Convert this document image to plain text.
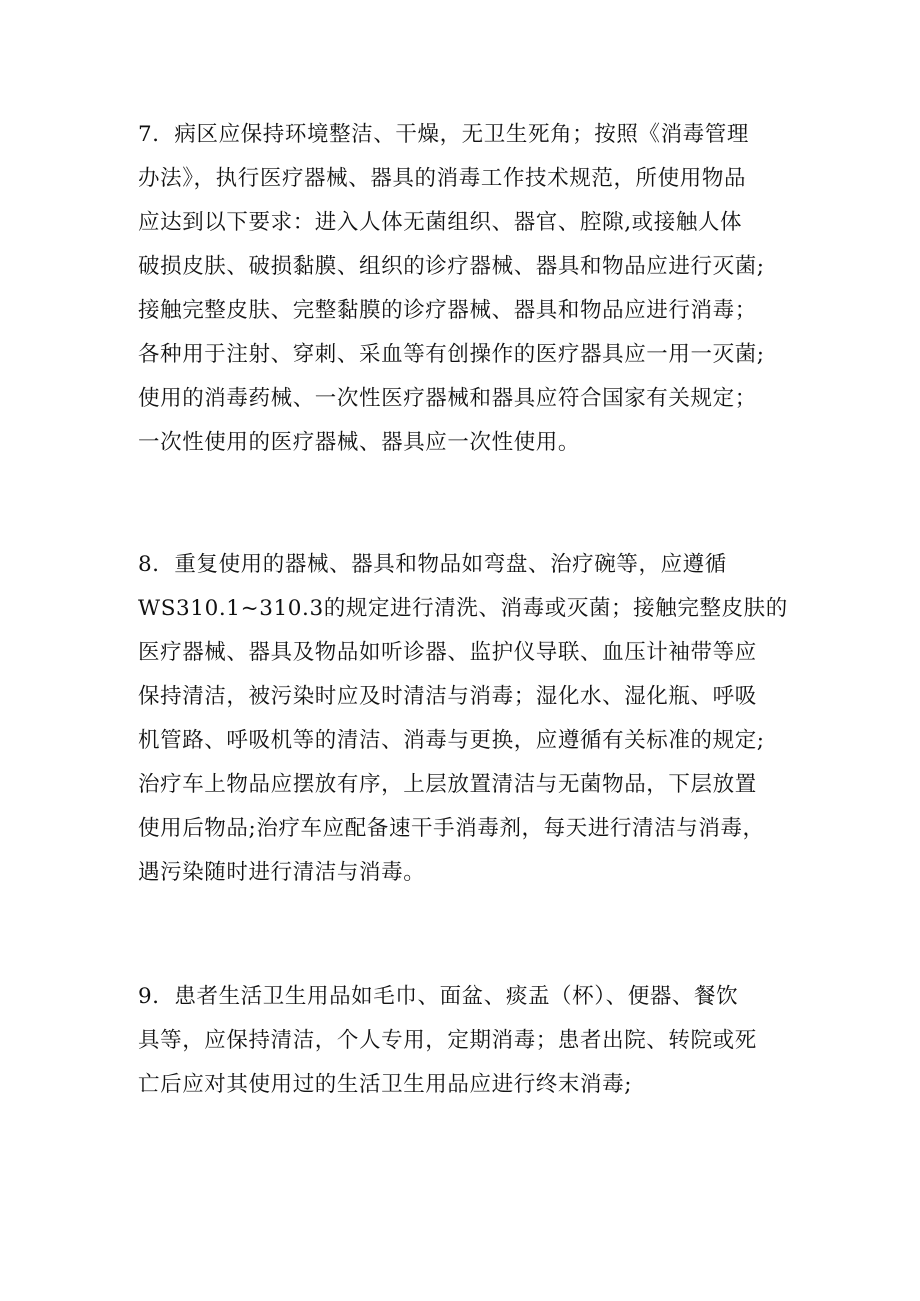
7．病区应保持环境整洁、干燥，无卫生死角；按照《消毒管理
办法》，执行医疗器械、器具的消毒工作技术规范，所使用物品
应达到以下要求：进入人体无菌组织、器官、腔隙,或接触人体
破损皮肤、破损黏膜、组织的诊疗器械、器具和物品应进行灭菌;
接触完整皮肤、完整黏膜的诊疗器械、器具和物品应进行消毒；
各种用于注射、穿刺、采血等有创操作的医疗器具应一用一灭菌;
使用的消毒药械、一次性医疗器械和器具应符合国家有关规定；
一次性使用的医疗器械、器具应一次性使用。
8．重复使用的器械、器具和物品如弯盘、治疗碗等，应遵循
WS310.1~310.3的规定进行清洗、消毒或灭菌；接触完整皮肤的
医疗器械、器具及物品如听诊器、监护仪导联、血压计袖带等应
保持清洁，被污染时应及时清洁与消毒；湿化水、湿化瓶、呼吸
机管路、呼吸机等的清洁、消毒与更换，应遵循有关标准的规定;
治疗车上物品应摆放有序，上层放置清洁与无菌物品，下层放置
使用后物品;治疗车应配备速干手消毒剂，每天进行清洁与消毒，
遇污染随时进行清洁与消毒。
9．患者生活卫生用品如毛巾、面盆、痰盂（杯）、便器、餐饮
具等，应保持清洁，个人专用，定期消毒；患者出院、转院或死
亡后应对其使用过的生活卫生用品应进行终末消毒;
